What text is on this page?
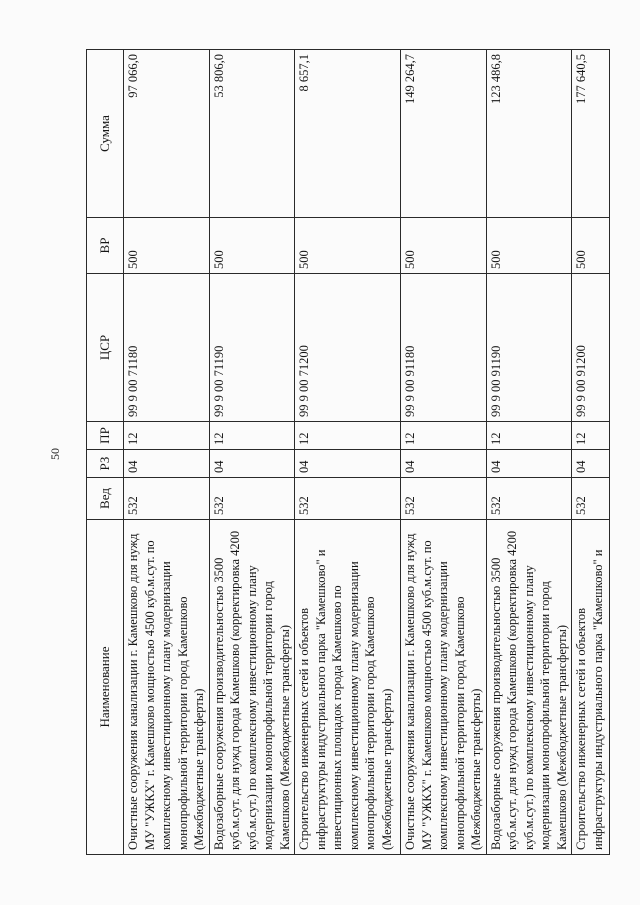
50
Наименование	Вед	РЗ	ПР	ЦСР	ВР	Сумма
Очистные сооружения канализации г. Камешково для нужд МУ "УЖКХ" г. Камешково мощностью 4500 куб.м.сут. по комплексному инвестиционному плану модернизации монопрофильной территории город Камешково (Межбюджетные трансферты)	532	04	12	99 9 00 71180	500	97 066,0
Водозаборные сооружения производительностью 3500 куб.м.сут. для нужд города Камешково (корректировка 4200 куб.м.сут.) по комплексному инвестиционному плану модернизации монопрофильной территории город Камешково (Межбюджетные трансферты)	532	04	12	99 9 00 71190	500	53 806,0
Строительство инженерных сетей и объектов инфраструктуры индустриального парка "Камешково" и инвестиционных площадок города Камешково по комплексному инвестиционному плану модернизации монопрофильной территории город Камешково (Межбюджетные трансферты)	532	04	12	99 9 00 71200	500	8 657,1
Очистные сооружения канализации г. Камешково для нужд МУ "УЖКХ" г. Камешково мощностью 4500 куб.м.сут. по комплексному инвестиционному плану модернизации монопрофильной территории город Камешково (Межбюджетные трансферты)	532	04	12	99 9 00 91180	500	149 264,7
Водозаборные сооружения производительностью 3500 куб.м.сут. для нужд города Камешково (корректировка 4200 куб.м.сут.) по комплексному инвестиционному плану модернизации монопрофильной территории город Камешково (Межбюджетные трансферты)	532	04	12	99 9 00 91190	500	123 486,8
Строительство инженерных сетей и объектов инфраструктуры индустриального парка "Камешково" и	532	04	12	99 9 00 91200	500	177 640,5
